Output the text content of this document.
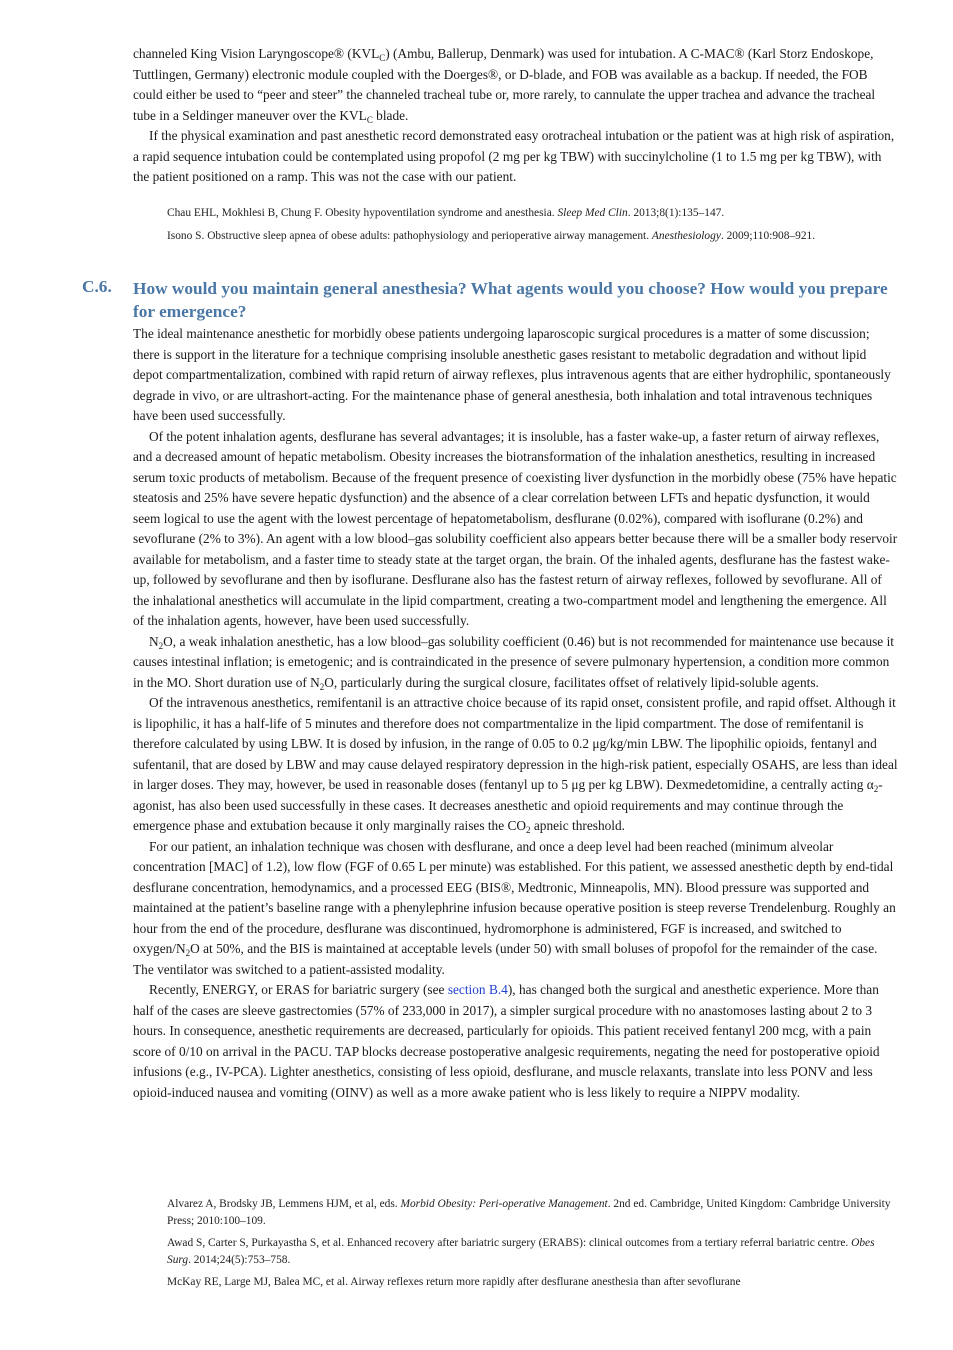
channeled King Vision Laryngoscope® $(KVL_C)$ (Ambu, Ballerup, Denmark) was used for intubation. A C-MAC® (Karl Storz Endoskope, Tuttlingen, Germany) electronic module coupled with the Doerges®, or D-blade, and FOB was available as a backup. If needed, the FOB could either be used to “peer and steer” the channeled tracheal tube or, more rarely, to cannulate the upper trachea and advance the tracheal tube in a Seldinger maneuver over the $KVL_C$ blade.

If the physical examination and past anesthetic record demonstrated easy orotracheal intubation or the patient was at high risk of aspiration, a rapid sequence intubation could be contemplated using propofol (2 mg per kg TBW) with succinylcholine (1 to 1.5 mg per kg TBW), with the patient positioned on a ramp. This was not the case with our patient.

Chau EHL, Mokhlesi B, Chung F. Obesity hypoventilation syndrome and anesthesia. Sleep Med Clin. 2013;8(1):135–147.
Isono S. Obstructive sleep apnea of obese adults: pathophysiology and perioperative airway management. Anesthesiology. 2009;110:908–921.
C.6. How would you maintain general anesthesia? What agents would you choose? How would you prepare for emergence?

The ideal maintenance anesthetic for morbidly obese patients undergoing laparoscopic surgical procedures is a matter of some discussion; there is support in the literature for a technique comprising insoluble anesthetic gases resistant to metabolic degradation and without lipid depot compartmentalization, combined with rapid return of airway reflexes, plus intravenous agents that are either hydrophilic, spontaneously degrade in vivo, or are ultrashort-acting. For the maintenance phase of general anesthesia, both inhalation and total intravenous techniques have been used successfully.

Of the potent inhalation agents, desflurane has several advantages; it is insoluble, has a faster wake-up, a faster return of airway reflexes, and a decreased amount of hepatic metabolism. Obesity increases the biotransformation of the inhalation anesthetics, resulting in increased serum toxic products of metabolism. Because of the frequent presence of coexisting liver dysfunction in the morbidly obese (75% have hepatic steatosis and 25% have severe hepatic dysfunction) and the absence of a clear correlation between LFTs and hepatic dysfunction, it would seem logical to use the agent with the lowest percentage of hepatometabolism, desflurane (0.02%), compared with isoflurane (0.2%) and sevoflurane (2% to 3%). An agent with a low blood–gas solubility coefficient also appears better because there will be a smaller body reservoir available for metabolism, and a faster time to steady state at the target organ, the brain. Of the inhaled agents, desflurane has the fastest wake-up, followed by sevoflurane and then by isoflurane. Desflurane also has the fastest return of airway reflexes, followed by sevoflurane. All of the inhalational anesthetics will accumulate in the lipid compartment, creating a two-compartment model and lengthening the emergence. All of the inhalation agents, however, have been used successfully.

$N_2O$, a weak inhalation anesthetic, has a low blood–gas solubility coefficient (0.46) but is not recommended for maintenance use because it causes intestinal inflation; is emetogenic; and is contraindicated in the presence of severe pulmonary hypertension, a condition more common in the MO. Short duration use of $N_2O$, particularly during the surgical closure, facilitates offset of relatively lipid-soluble agents.

Of the intravenous anesthetics, remifentanil is an attractive choice because of its rapid onset, consistent profile, and rapid offset. Although it is lipophilic, it has a half-life of 5 minutes and therefore does not compartmentalize in the lipid compartment. The dose of remifentanil is therefore calculated by using LBW. It is dosed by infusion, in the range of 0.05 to 0.2 μg/kg/min LBW. The lipophilic opioids, fentanyl and sufentanil, that are dosed by LBW and may cause delayed respiratory depression in the high-risk patient, especially OSAHS, are less than ideal in larger doses. They may, however, be used in reasonable doses (fentanyl up to 5 μg per kg LBW). Dexmedetomidine, a centrally acting $\alpha_2$-agonist, has also been used successfully in these cases. It decreases anesthetic and opioid requirements and may continue through the emergence phase and extubation because it only marginally raises the $CO_2$ apneic threshold.

For our patient, an inhalation technique was chosen with desflurane, and once a deep level had been reached (minimum alveolar concentration [MAC] of 1.2), low flow (FGF of 0.65 L per minute) was established. For this patient, we assessed anesthetic depth by end-tidal desflurane concentration, hemodynamics, and a processed EEG (BIS®, Medtronic, Minneapolis, MN). Blood pressure was supported and maintained at the patient’s baseline range with a phenylephrine infusion because operative position is steep reverse Trendelenburg. Roughly an hour from the end of the procedure, desflurane was discontinued, hydromorphone is administered, FGF is increased, and switched to oxygen/$N_2O$ at 50%, and the BIS is maintained at acceptable levels (under 50) with small boluses of propofol for the remainder of the case. The ventilator was switched to a patient-assisted modality.

Recently, ENERGY, or ERAS for bariatric surgery (see section B.4), has changed both the surgical and anesthetic experience. More than half of the cases are sleeve gastrectomies (57% of 233,000 in 2017), a simpler surgical procedure with no anastomoses lasting about 2 to 3 hours. In consequence, anesthetic requirements are decreased, particularly for opioids. This patient received fentanyl 200 mcg, with a pain score of 0/10 on arrival in the PACU. TAP blocks decrease postoperative analgesic requirements, negating the need for postoperative opioid infusions (e.g., IV-PCA). Lighter anesthetics, consisting of less opioid, desflurane, and muscle relaxants, translate into less PONV and less opioid-induced nausea and vomiting (OINV) as well as a more awake patient who is less likely to require a NIPPV modality.

Alvarez A, Brodsky JB, Lemmens HJM, et al, eds. Morbid Obesity: Peri-operative Management. 2nd ed. Cambridge, United Kingdom: Cambridge University Press; 2010:100–109.
Awad S, Carter S, Purkayastha S, et al. Enhanced recovery after bariatric surgery (ERABS): clinical outcomes from a tertiary referral bariatric centre. Obes Surg. 2014;24(5):753–758.
McKay RE, Large MJ, Balea MC, et al. Airway reflexes return more rapidly after desflurane anesthesia than after sevoflurane
